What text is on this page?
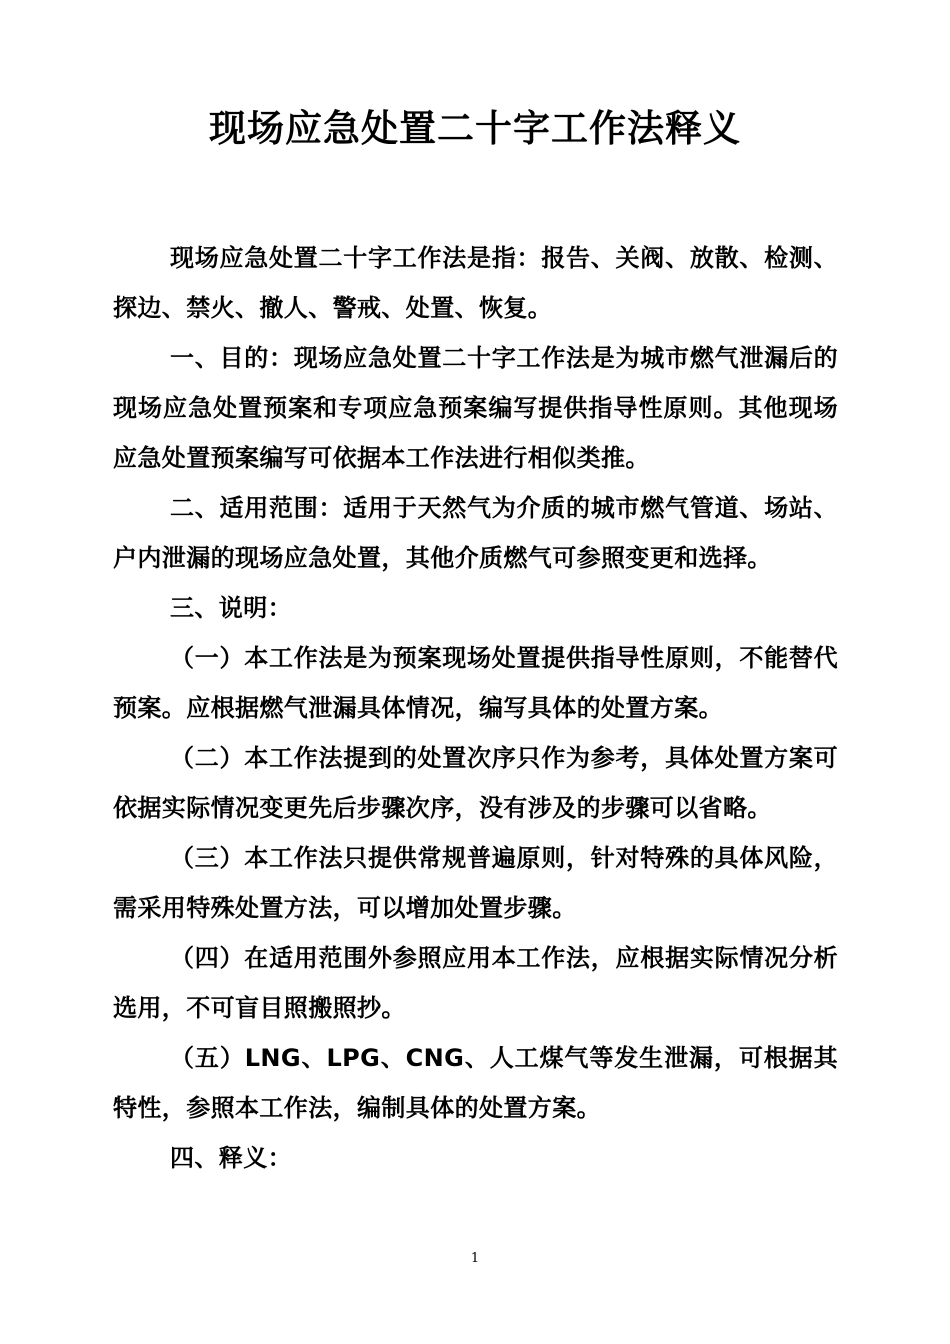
现场应急处置二十字工作法释义

现场应急处置二十字工作法是指：报告、关阀、放散、检测、探边、禁火、撤人、警戒、处置、恢复。

一、目的：现场应急处置二十字工作法是为城市燃气泄漏后的现场应急处置预案和专项应急预案编写提供指导性原则。其他现场应急处置预案编写可依据本工作法进行相似类推。

二、适用范围：适用于天然气为介质的城市燃气管道、场站、户内泄漏的现场应急处置，其他介质燃气可参照变更和选择。

三、说明：

（一）本工作法是为预案现场处置提供指导性原则，不能替代预案。应根据燃气泄漏具体情况，编写具体的处置方案。

（二）本工作法提到的处置次序只作为参考，具体处置方案可依据实际情况变更先后步骤次序，没有涉及的步骤可以省略。

（三）本工作法只提供常规普遍原则，针对特殊的具体风险，需采用特殊处置方法，可以增加处置步骤。

（四）在适用范围外参照应用本工作法，应根据实际情况分析选用，不可盲目照搬照抄。

（五）LNG、LPG、CNG、人工煤气等发生泄漏，可根据其特性，参照本工作法，编制具体的处置方案。

四、释义：

1
